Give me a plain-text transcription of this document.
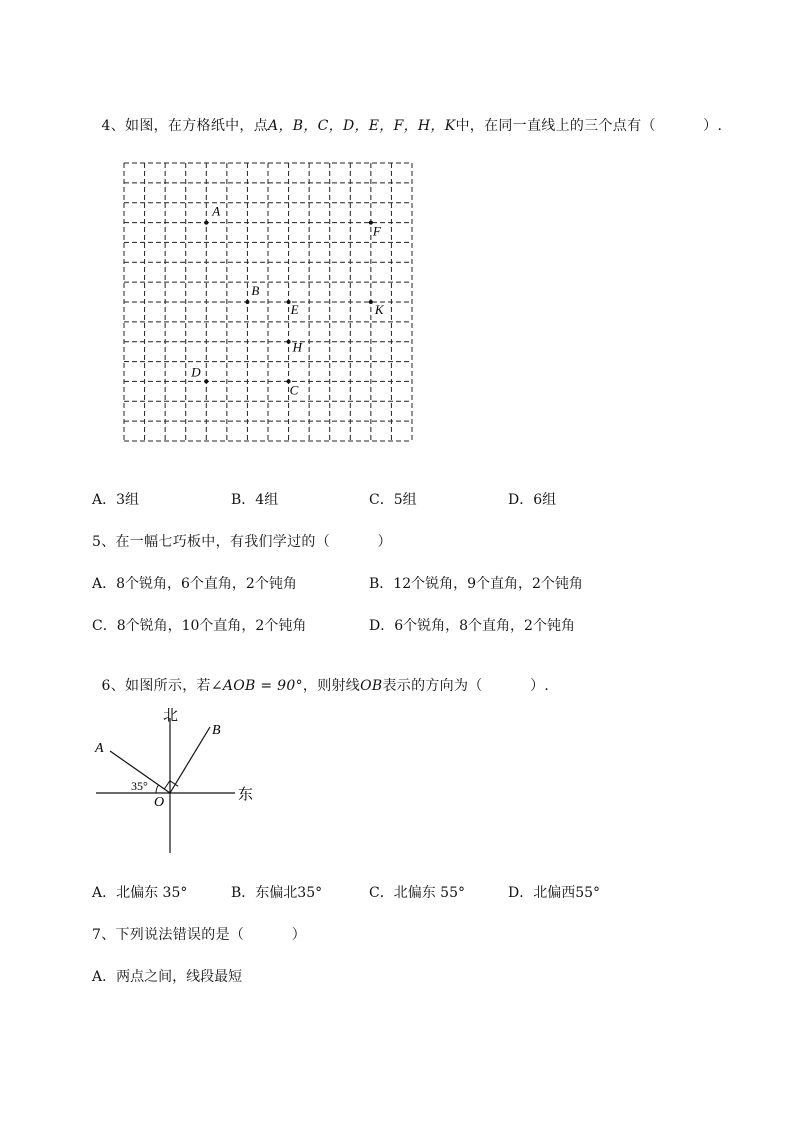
4、如图，在方格纸中，点A，B，C，D，E，F，H，K中，在同一直线上的三个点有（          ）.

A
F
B
E	K
H
D
C
A．3组	B．4组	C．5组	D．6组
5、在一幅七巧板中，有我们学过的（          ）
A．8个锐角，6个直角，2个钝角	B．12个锐角，9个直角，2个钝角
C．8个锐角，10个直角，2个钝角	D．6个锐角，8个直角，2个钝角

6、如图所示，若∠AOB = 90°，则射线OB表示的方向为（          ）.

北
东
A
B
O
35°
A．北偏东 35°	B．东偏北35°	C．北偏东 55°	D．北偏西55°
7、下列说法错误的是（          ）
A．两点之间，线段最短
